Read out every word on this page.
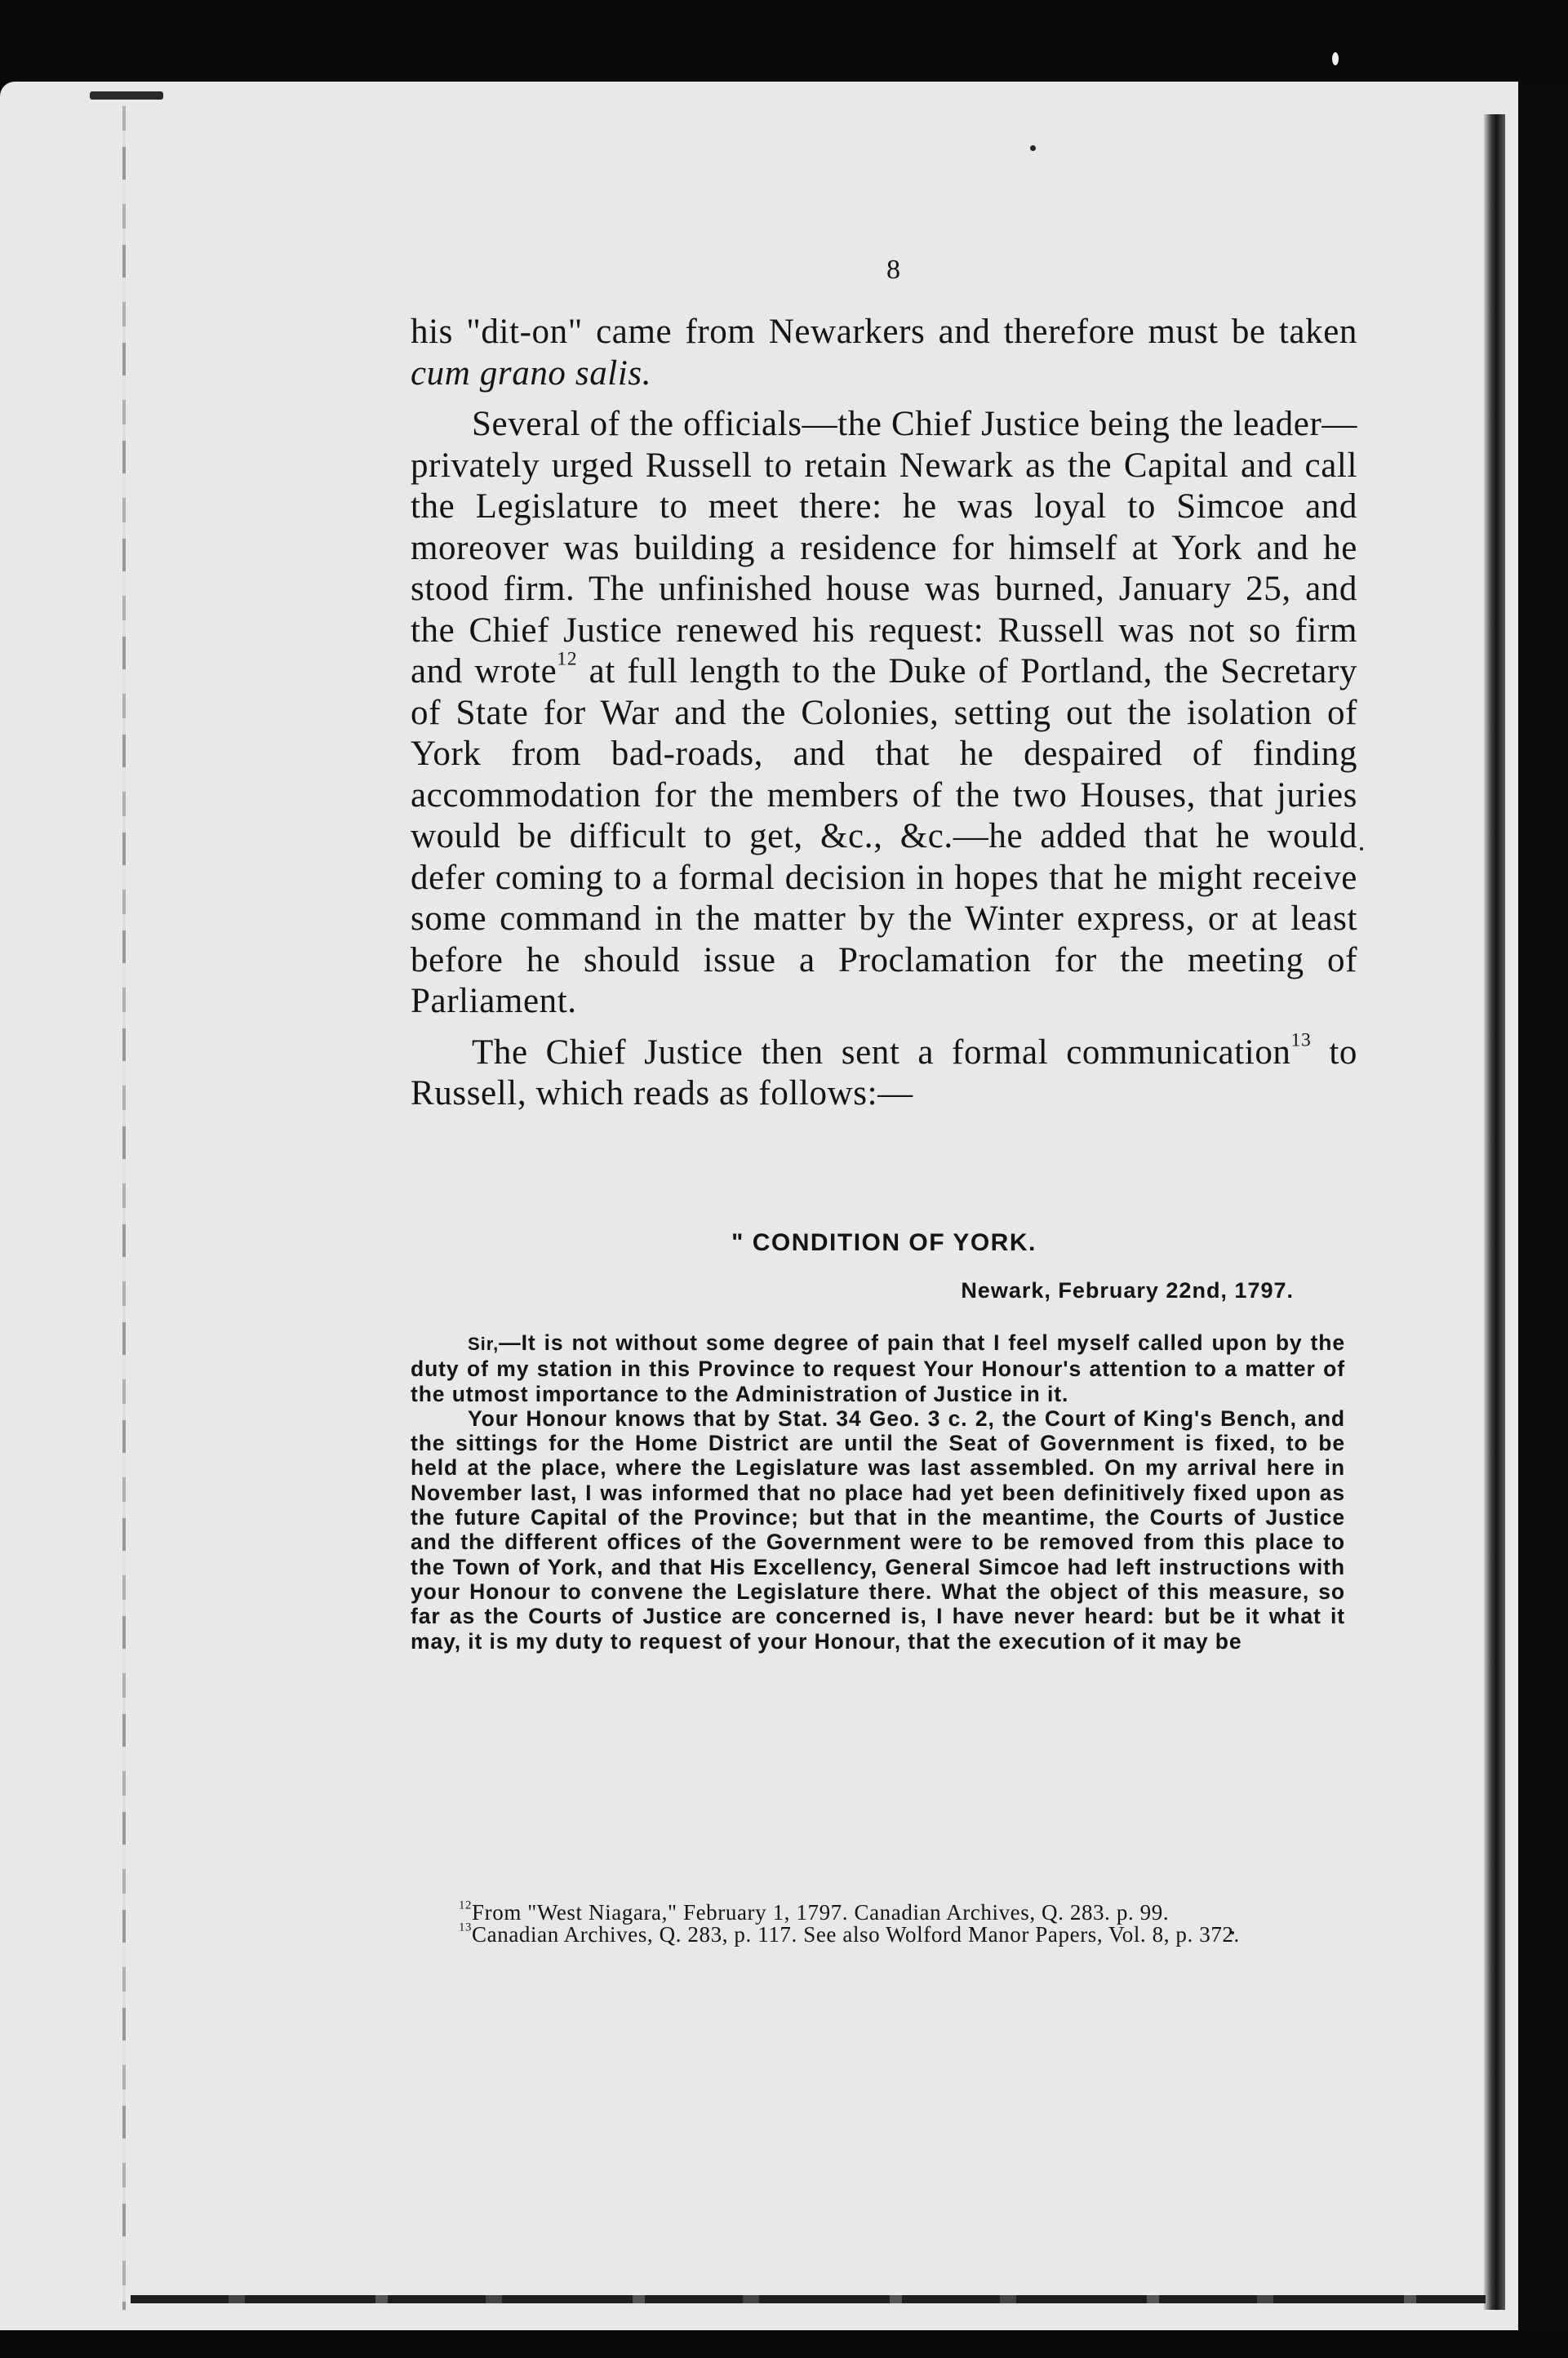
8

his "dit-on" came from Newarkers and therefore must be taken cum grano salis.

Several of the officials—the Chief Justice being the leader—privately urged Russell to retain Newark as the Capital and call the Legislature to meet there: he was loyal to Simcoe and moreover was building a residence for himself at York and he stood firm. The unfinished house was burned, January 25, and the Chief Justice renewed his request: Russell was not so firm and wrote$^{12}$ at full length to the Duke of Portland, the Secretary of State for War and the Colonies, setting out the isolation of York from bad-roads, and that he despaired of finding accommodation for the members of the two Houses, that juries would be difficult to get, &c., &c.—he added that he would defer coming to a formal decision in hopes that he might receive some command in the matter by the Winter express, or at least before he should issue a Proclamation for the meeting of Parliament.

The Chief Justice then sent a formal communication$^{13}$ to Russell, which reads as follows:—

" CONDITION OF YORK.
Newark, February 22nd, 1797.

Sir,—It is not without some degree of pain that I feel myself called upon by the duty of my station in this Province to request Your Honour's attention to a matter of the utmost importance to the Administration of Justice in it.

Your Honour knows that by Stat. 34 Geo. 3 c. 2, the Court of King's Bench, and the sittings for the Home District are until the Seat of Government is fixed, to be held at the place, where the Legislature was last assembled. On my arrival here in November last, I was informed that no place had yet been definitively fixed upon as the future Capital of the Province; but that in the meantime, the Courts of Justice and the different offices of the Government were to be removed from this place to the Town of York, and that His Excellency, General Simcoe had left instructions with your Honour to convene the Legislature there. What the object of this measure, so far as the Courts of Justice are concerned is, I have never heard: but be it what it may, it is my duty to request of your Honour, that the execution of it may be

$^{12}$From "West Niagara," February 1, 1797. Canadian Archives, Q. 283. p. 99.

$^{13}$Canadian Archives, Q. 283, p. 117. See also Wolford Manor Papers, Vol. 8, p. 372.
